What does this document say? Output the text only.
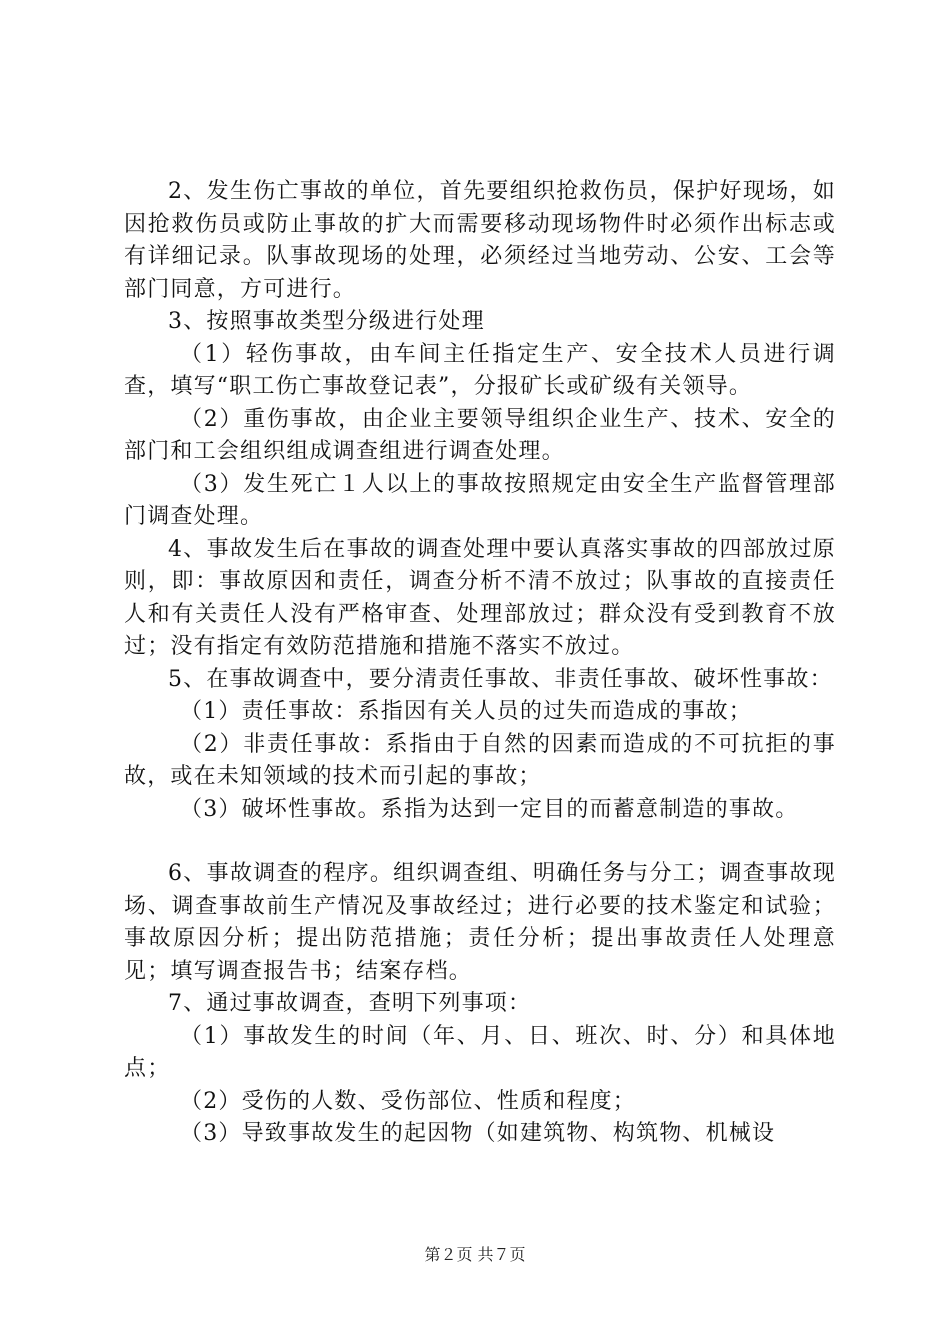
2、发生伤亡事故的单位，首先要组织抢救伤员，保护好现场，如因抢救伤员或防止事故的扩大而需要移动现场物件时必须作出标志或有详细记录。队事故现场的处理，必须经过当地劳动、公安、工会等部门同意，方可进行。

3、按照事故类型分级进行处理

（1）轻伤事故，由车间主任指定生产、安全技术人员进行调查，填写“职工伤亡事故登记表”，分报矿长或矿级有关领导。

（2）重伤事故，由企业主要领导组织企业生产、技术、安全的部门和工会组织组成调查组进行调查处理。

（3）发生死亡１人以上的事故按照规定由安全生产监督管理部门调查处理。

4、事故发生后在事故的调查处理中要认真落实事故的四部放过原则，即：事故原因和责任，调查分析不清不放过；队事故的直接责任人和有关责任人没有严格审查、处理部放过；群众没有受到教育不放过；没有指定有效防范措施和措施不落实不放过。

5、在事故调查中，要分清责任事故、非责任事故、破坏性事故：

（1）责任事故：系指因有关人员的过失而造成的事故；

（2）非责任事故：系指由于自然的因素而造成的不可抗拒的事故，或在未知领域的技术而引起的事故；

（3）破坏性事故。系指为达到一定目的而蓄意制造的事故。

6、事故调查的程序。组织调查组、明确任务与分工；调查事故现场、调查事故前生产情况及事故经过；进行必要的技术鉴定和试验；事故原因分析；提出防范措施；责任分析；提出事故责任人处理意见；填写调查报告书；结案存档。

7、通过事故调查，查明下列事项：

（1）事故发生的时间（年、月、日、班次、时、分）和具体地点；

（2）受伤的人数、受伤部位、性质和程度；

（3）导致事故发生的起因物（如建筑物、构筑物、机械设

第２页 共７页
